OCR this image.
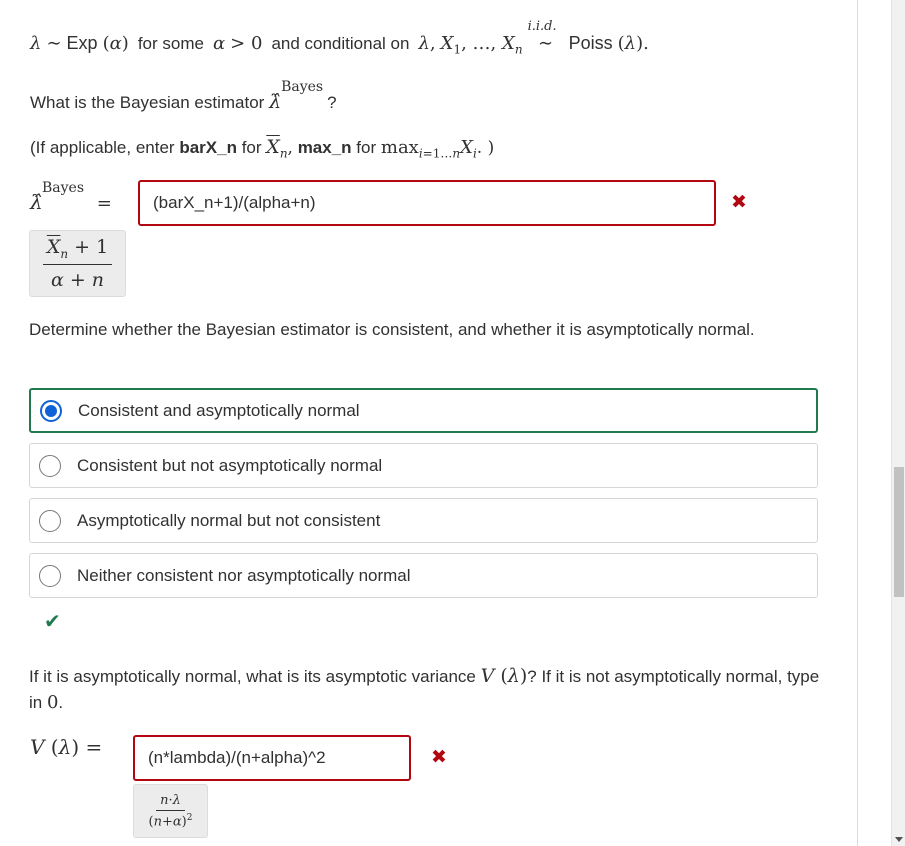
λ ∼ Exp (α) for some α > 0 and conditional on λ, $X_1$, …, $X_n$
i.i.d.
∼ Poiss (λ).
What is the Bayesian estimator λ̂
Bayes
?
(If applicable, enter barX_n for $\overline{X}_n$, max_n for $\max_{i=1\dots n}X_i$. )
λ̂
Bayes
= (barX_n+1)/(alpha+n)	✖
$\frac{\overline{X}_n + 1}{\alpha + n}$
Determine whether the Bayesian estimator is consistent, and whether it is asymptotically normal.
Consistent and asymptotically normal
Consistent but not asymptotically normal
Asymptotically normal but not consistent
Neither consistent nor asymptotically normal
✔
If it is asymptotically normal, what is its asymptotic variance V (λ)? If it is not asymptotically normal, type in 0.
V (λ) =	(n*lambda)/(n+alpha)^2	✖
$\frac{n\cdot\lambda}{(n+\alpha)^2}$
